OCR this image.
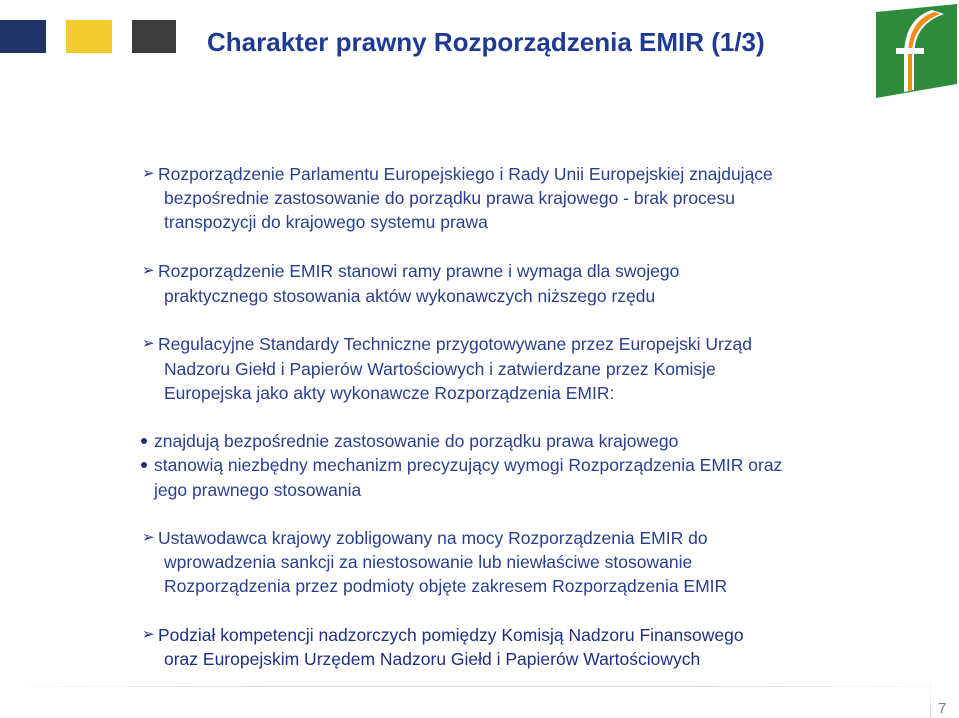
Charakter prawny Rozporządzenia EMIR (1/3)
➢ Rozporządzenie Parlamentu Europejskiego i Rady Unii Europejskiej znajdujące
bezpośrednie zastosowanie do porządku prawa krajowego - brak procesu
transpozycji do krajowego systemu prawa
➢ Rozporządzenie EMIR stanowi ramy prawne i wymaga dla swojego
praktycznego stosowania aktów wykonawczych niższego rzędu
➢ Regulacyjne Standardy Techniczne przygotowywane przez Europejski Urząd
Nadzoru Giełd i Papierów Wartościowych i zatwierdzane przez Komisje
Europejska jako akty wykonawcze Rozporządzenia EMIR:
znajdują bezpośrednie zastosowanie do porządku prawa krajowego
stanowią niezbędny mechanizm precyzujący wymogi Rozporządzenia EMIR oraz
jego prawnego stosowania
➢ Ustawodawca krajowy zobligowany na mocy Rozporządzenia EMIR do
wprowadzenia sankcji za niestosowanie lub niewłaściwe stosowanie
Rozporządzenia przez podmioty objęte zakresem Rozporządzenia EMIR
➢ Podział kompetencji nadzorczych pomiędzy Komisją Nadzoru Finansowego
oraz Europejskim Urzędem Nadzoru Giełd i Papierów Wartościowych
7
